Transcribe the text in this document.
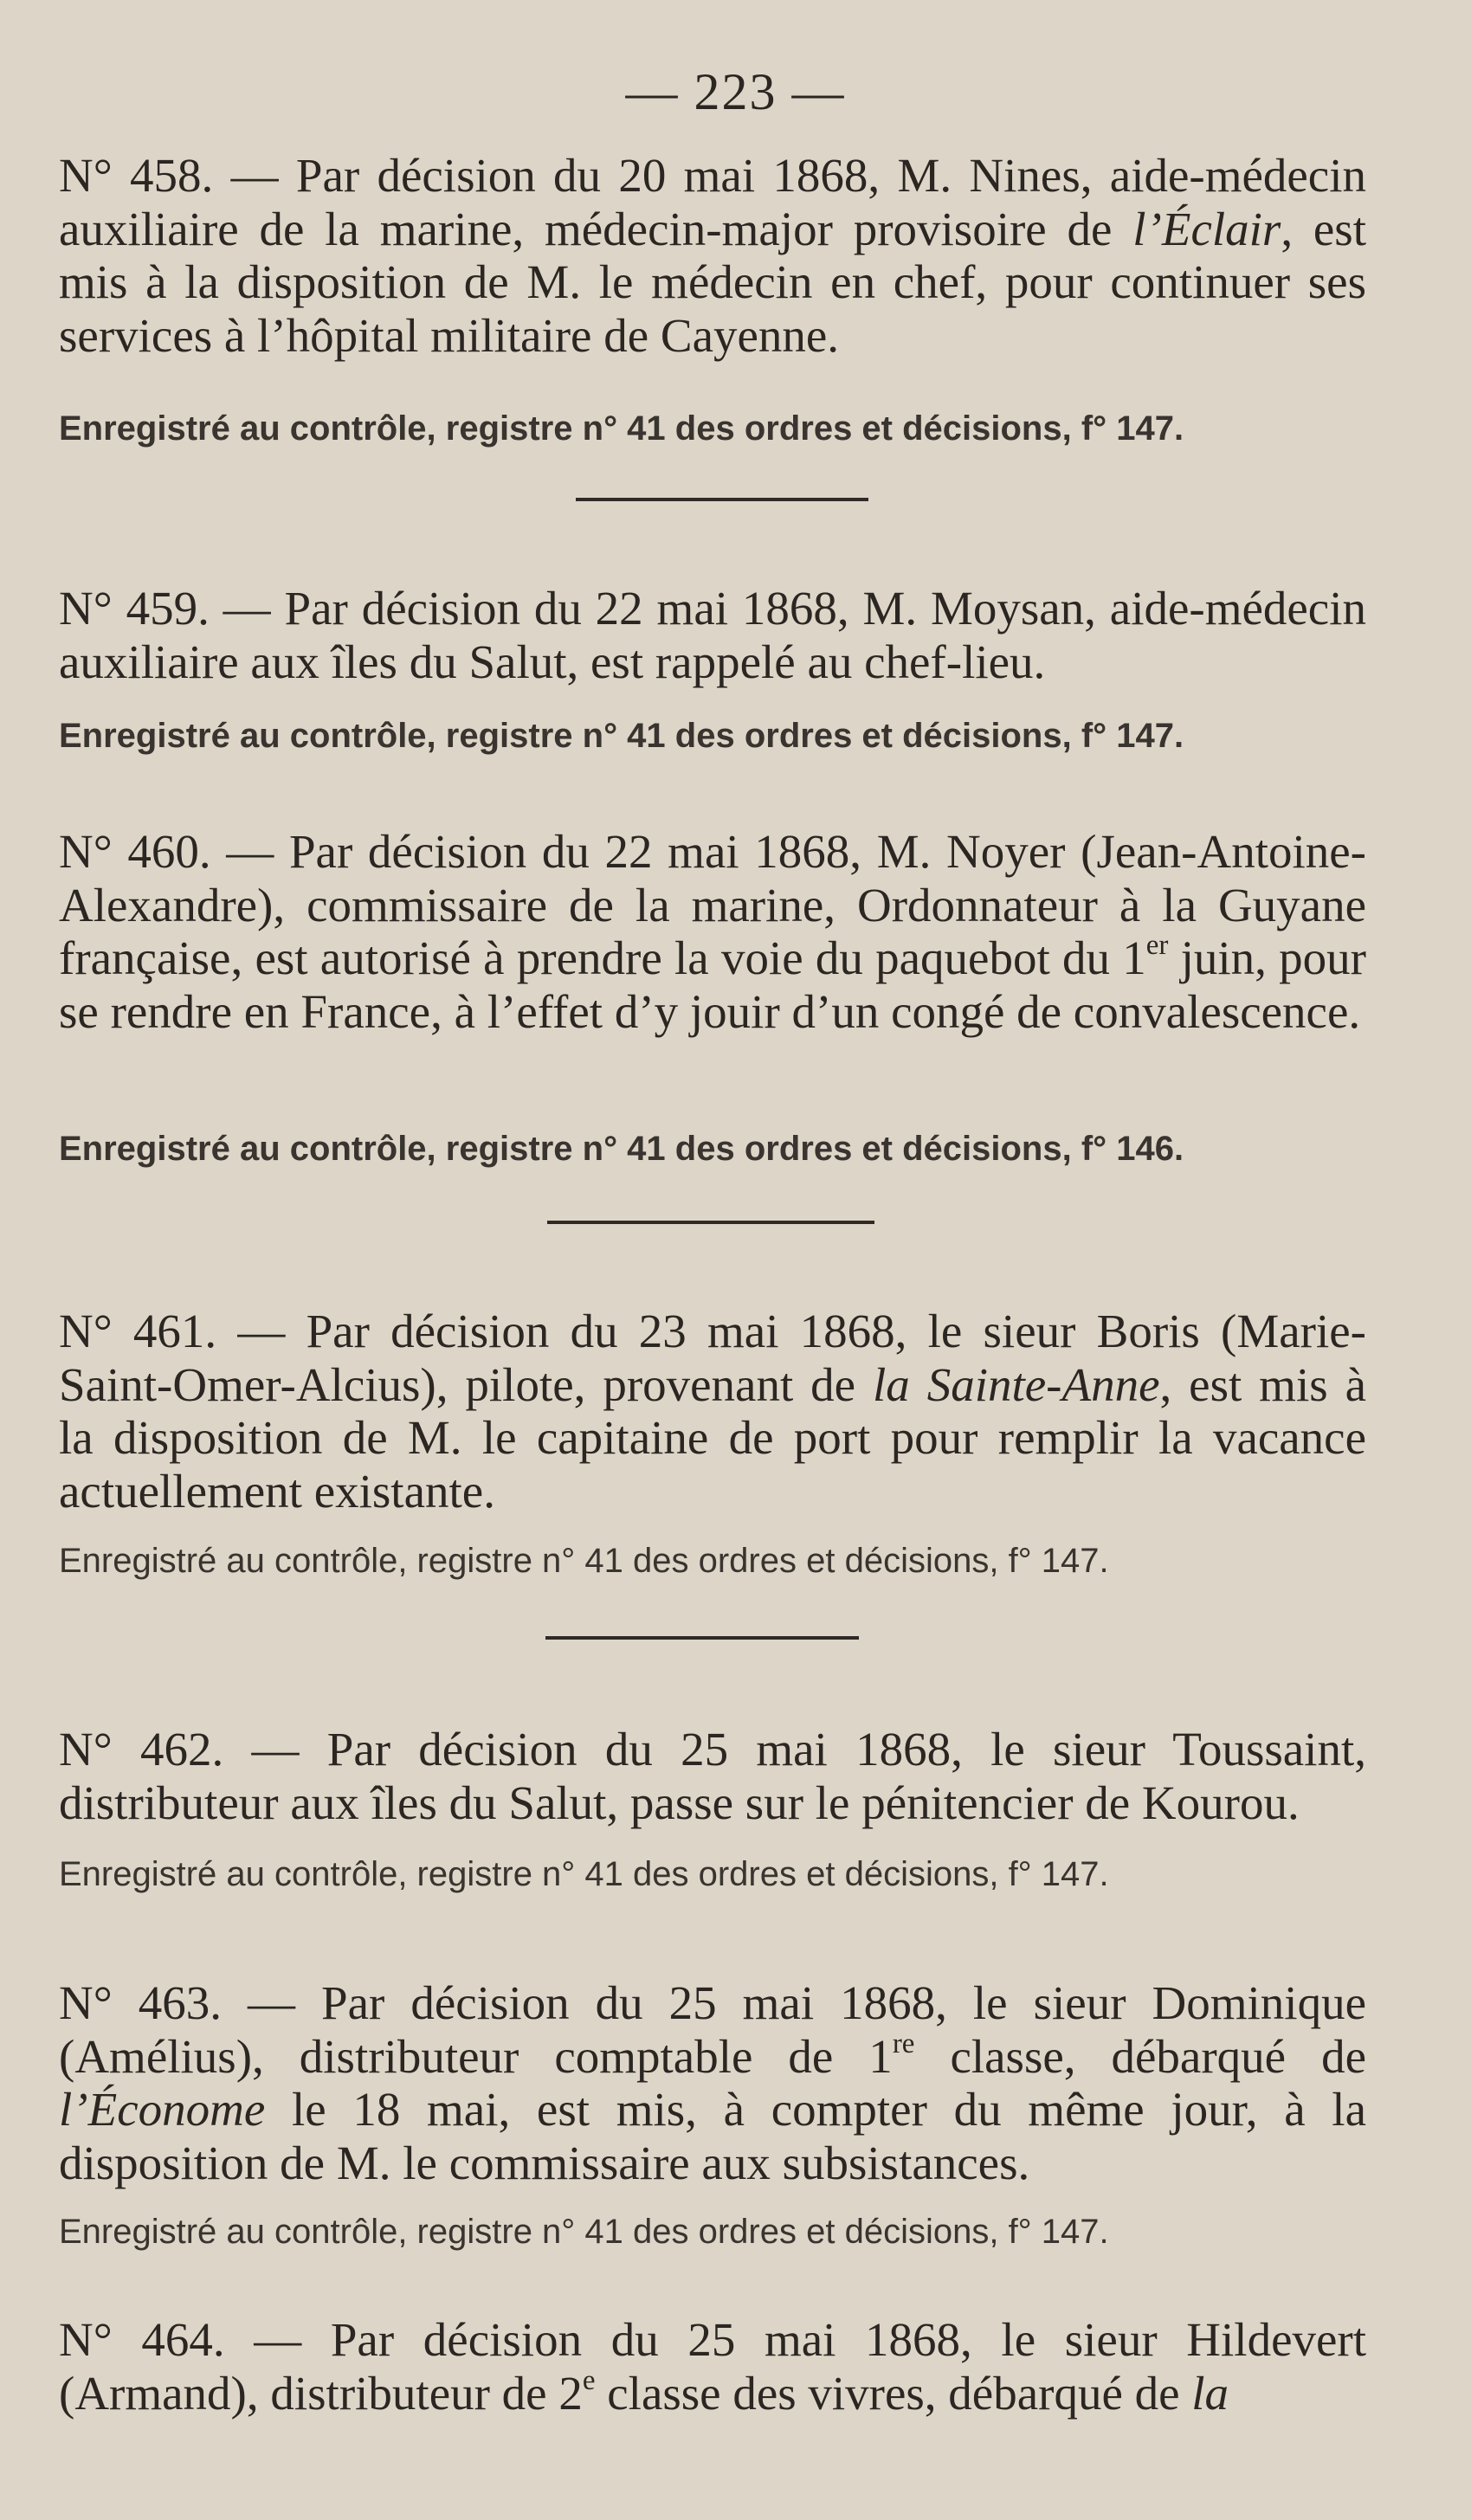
— 223 —
N° 458. — Par décision du 20 mai 1868, M. Nines, aide-médecin auxiliaire de la marine, médecin-major provisoire de l’Éclair, est mis à la disposition de M. le médecin en chef, pour continuer ses services à l’hôpital militaire de Cayenne.
Enregistré au contrôle, registre n° 41 des ordres et décisions, f° 147.
N° 459. — Par décision du 22 mai 1868, M. Moysan, aide-médecin auxiliaire aux îles du Salut, est rappelé au chef-lieu.
Enregistré au contrôle, registre n° 41 des ordres et décisions, f° 147.
N° 460. — Par décision du 22 mai 1868, M. Noyer (Jean-Antoine-Alexandre), commissaire de la marine, Ordonnateur à la Guyane française, est autorisé à prendre la voie du paquebot du 1er juin, pour se rendre en France, à l’effet d’y jouir d’un congé de convalescence.
Enregistré au contrôle, registre n° 41 des ordres et décisions, f° 146.
N° 461. — Par décision du 23 mai 1868, le sieur Boris (Marie-Saint-Omer-Alcius), pilote, provenant de la Sainte-Anne, est mis à la disposition de M. le capitaine de port pour remplir la vacance actuellement existante.
Enregistré au contrôle, registre n° 41 des ordres et décisions, f° 147.
N° 462. — Par décision du 25 mai 1868, le sieur Toussaint, distributeur aux îles du Salut, passe sur le pénitencier de Kourou.
Enregistré au contrôle, registre n° 41 des ordres et décisions, f° 147.
N° 463. — Par décision du 25 mai 1868, le sieur Dominique (Amélius), distributeur comptable de 1re classe, débarqué de l’Économe le 18 mai, est mis, à compter du même jour, à la disposition de M. le commissaire aux subsistances.
Enregistré au contrôle, registre n° 41 des ordres et décisions, f° 147.
N° 464. — Par décision du 25 mai 1868, le sieur Hildevert (Armand), distributeur de 2e classe des vivres, débarqué de la
